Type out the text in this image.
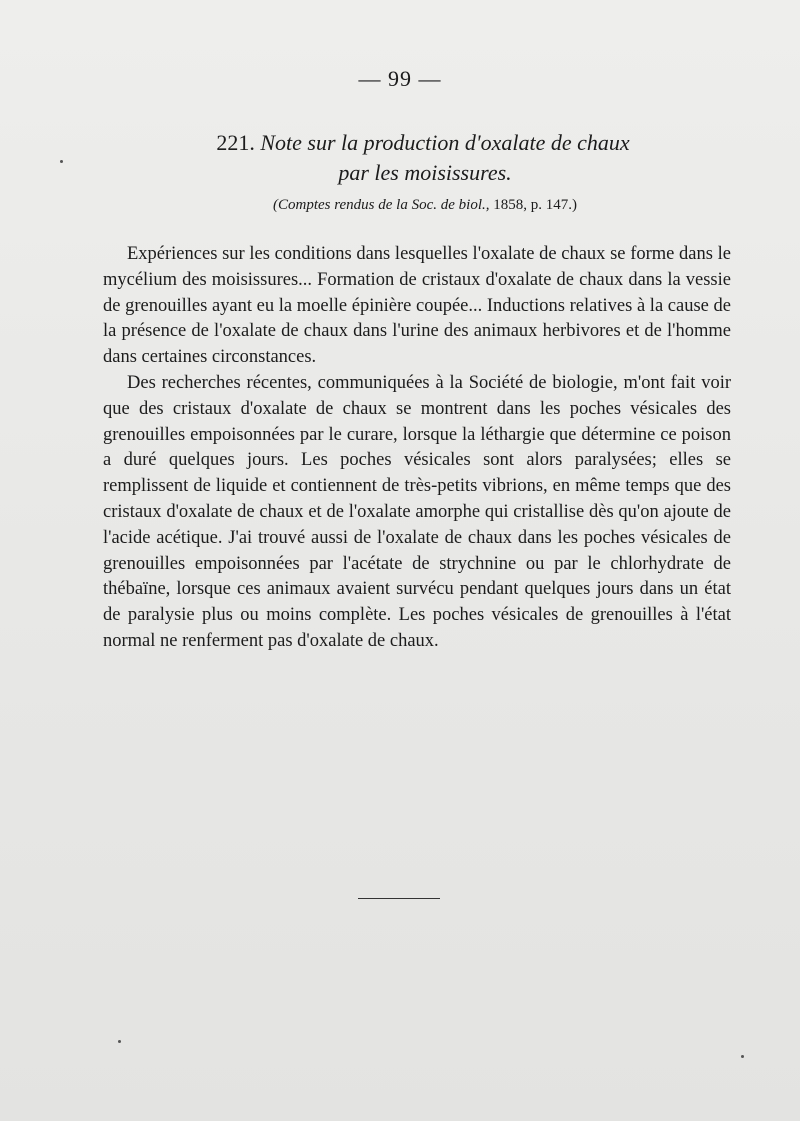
— 99 —
221. Note sur la production d'oxalate de chaux
par les moisissures.
(Comptes rendus de la Soc. de biol., 1858, p. 147.)

Expériences sur les conditions dans lesquelles l'oxalate de chaux se forme dans le mycélium des moisissures... Formation de cristaux d'oxalate de chaux dans la vessie de grenouilles ayant eu la moelle épinière coupée... Inductions relatives à la cause de la présence de l'oxalate de chaux dans l'urine des animaux herbivores et de l'homme dans certaines circonstances.

Des recherches récentes, communiquées à la Société de biologie, m'ont fait voir que des cristaux d'oxalate de chaux se montrent dans les poches vésicales des grenouilles empoisonnées par le curare, lorsque la léthargie que détermine ce poison a duré quelques jours. Les poches vésicales sont alors paralysées; elles se remplissent de liquide et contiennent de très-petits vibrions, en même temps que des cristaux d'oxalate de chaux et de l'oxalate amorphe qui cristallise dès qu'on ajoute de l'acide acétique. J'ai trouvé aussi de l'oxalate de chaux dans les poches vésicales de grenouilles empoisonnées par l'acétate de strychnine ou par le chlorhydrate de thébaïne, lorsque ces animaux avaient survécu pendant quelques jours dans un état de paralysie plus ou moins complète. Les poches vésicales de grenouilles à l'état normal ne renferment pas d'oxalate de chaux.
